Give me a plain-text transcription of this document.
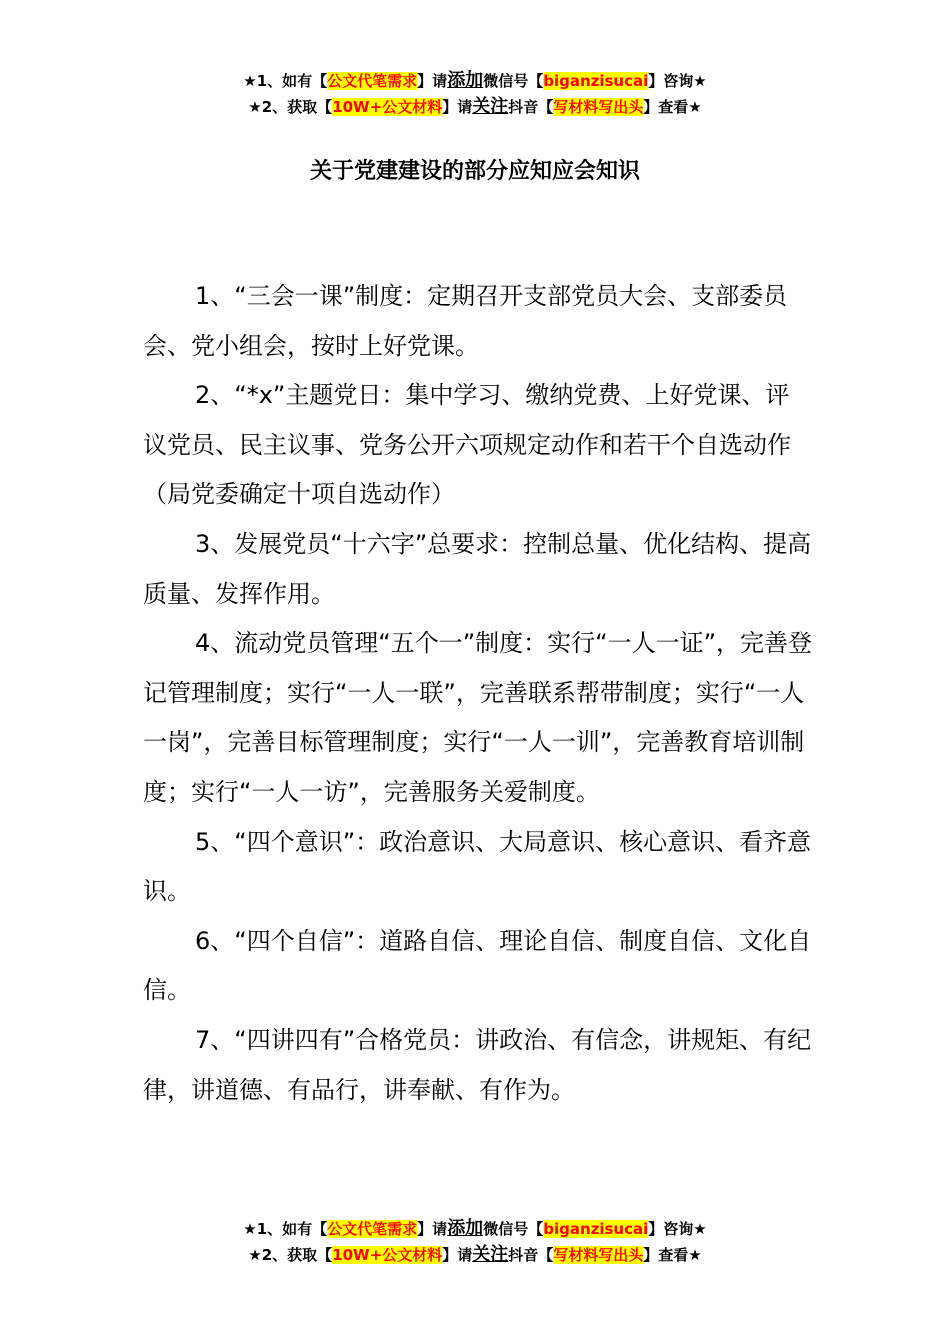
★1、如有【公文代笔需求】请添加微信号【biganzisucai】咨询★
★2、获取【10W+公文材料】请关注抖音【写材料写出头】查看★
关于党建建设的部分应知应会知识

1、“三会一课”制度：定期召开支部党员大会、支部委员会、党小组会，按时上好党课。

2、“*x”主题党日：集中学习、缴纳党费、上好党课、评议党员、民主议事、党务公开六项规定动作和若干个自选动作（局党委确定十项自选动作）

3、发展党员“十六字”总要求：控制总量、优化结构、提高质量、发挥作用。

4、流动党员管理“五个一”制度：实行“一人一证”，完善登记管理制度；实行“一人一联”，完善联系帮带制度；实行“一人一岗”，完善目标管理制度；实行“一人一训”，完善教育培训制度；实行“一人一访”，完善服务关爱制度。

5、“四个意识”：政治意识、大局意识、核心意识、看齐意识。

6、“四个自信”：道路自信、理论自信、制度自信、文化自信。

7、“四讲四有”合格党员：讲政治、有信念，讲规矩、有纪律，讲道德、有品行，讲奉献、有作为。

★1、如有【公文代笔需求】请添加微信号【biganzisucai】咨询★
★2、获取【10W+公文材料】请关注抖音【写材料写出头】查看★
